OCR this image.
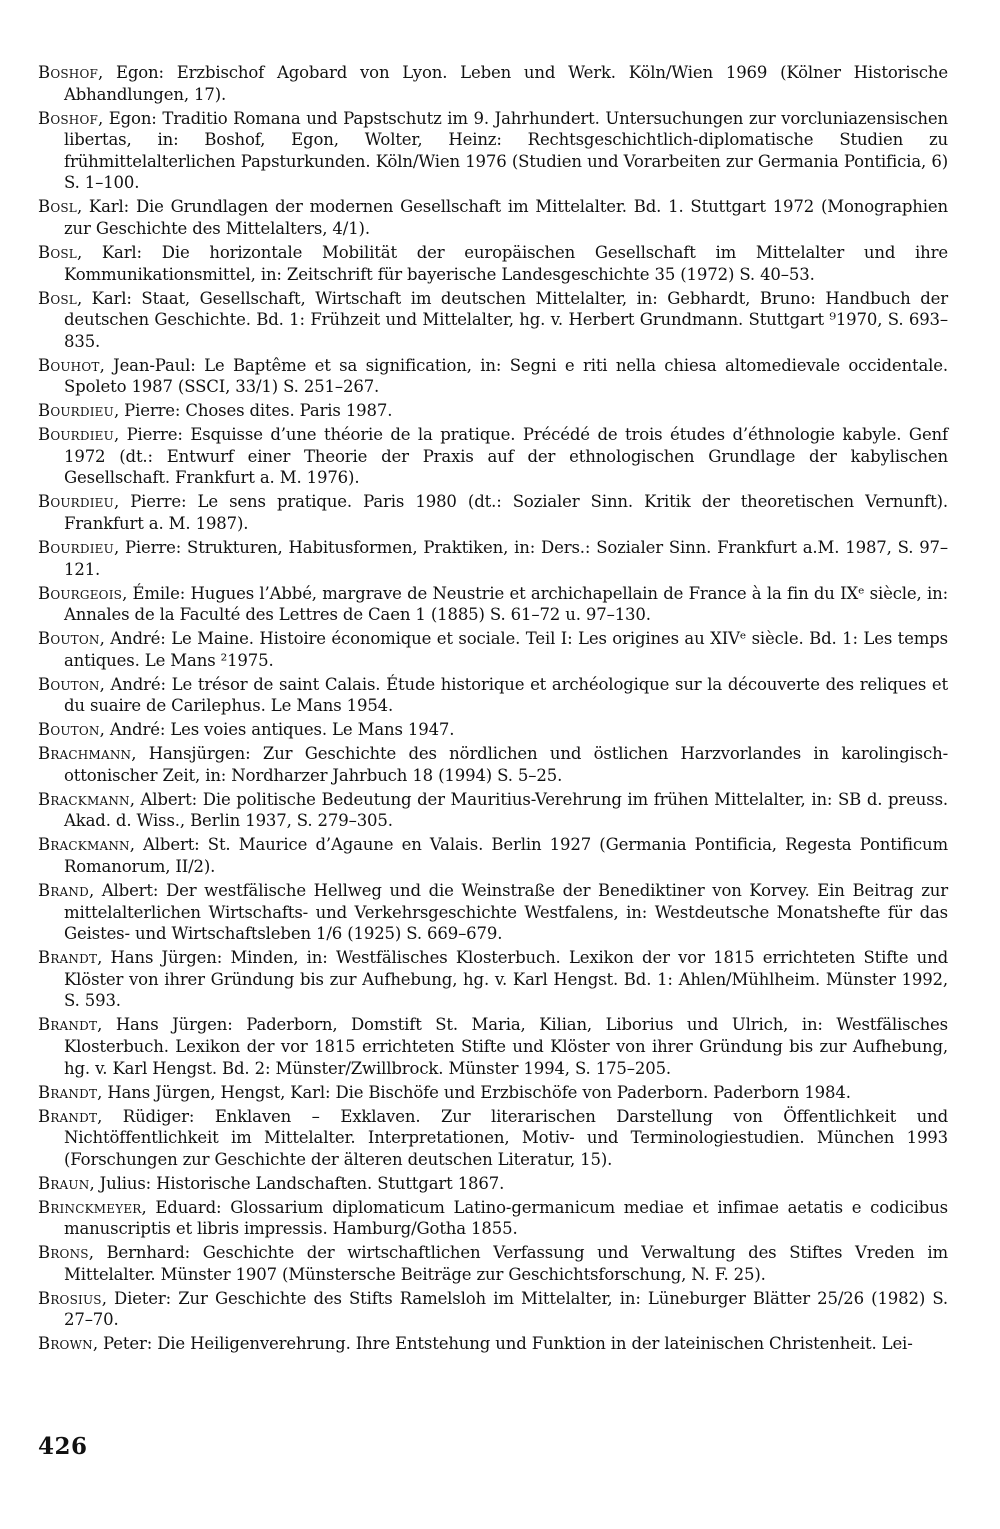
Boshof, Egon: Erzbischof Agobard von Lyon. Leben und Werk. Köln/Wien 1969 (Kölner Historische Abhandlungen, 17).

Boshof, Egon: Traditio Romana und Papstschutz im 9. Jahrhundert. Untersuchungen zur vorcluniazensischen libertas, in: Boshof, Egon, Wolter, Heinz: Rechtsgeschichtlich-diplomatische Studien zu frühmittelalterlichen Papsturkunden. Köln/Wien 1976 (Studien und Vorarbeiten zur Germania Pontificia, 6) S. 1–100.

Bosl, Karl: Die Grundlagen der modernen Gesellschaft im Mittelalter. Bd. 1. Stuttgart 1972 (Monographien zur Geschichte des Mittelalters, 4/1).

Bosl, Karl: Die horizontale Mobilität der europäischen Gesellschaft im Mittelalter und ihre Kommunikationsmittel, in: Zeitschrift für bayerische Landesgeschichte 35 (1972) S. 40–53.

Bosl, Karl: Staat, Gesellschaft, Wirtschaft im deutschen Mittelalter, in: Gebhardt, Bruno: Handbuch der deutschen Geschichte. Bd. 1: Frühzeit und Mittelalter, hg. v. Herbert Grundmann. Stuttgart ⁹1970, S. 693–835.

Bouhot, Jean-Paul: Le Baptême et sa signification, in: Segni e riti nella chiesa altomedievale occidentale. Spoleto 1987 (SSCI, 33/1) S. 251–267.

Bourdieu, Pierre: Choses dites. Paris 1987.

Bourdieu, Pierre: Esquisse d’une théorie de la pratique. Précédé de trois études d’éthnologie kabyle. Genf 1972 (dt.: Entwurf einer Theorie der Praxis auf der ethnologischen Grundlage der kabylischen Gesellschaft. Frankfurt a. M. 1976).

Bourdieu, Pierre: Le sens pratique. Paris 1980 (dt.: Sozialer Sinn. Kritik der theoretischen Vernunft). Frankfurt a. M. 1987).

Bourdieu, Pierre: Strukturen, Habitusformen, Praktiken, in: Ders.: Sozialer Sinn. Frankfurt a.M. 1987, S. 97–121.

Bourgeois, Émile: Hugues l’Abbé, margrave de Neustrie et archichapellain de France à la fin du IXᵉ siècle, in: Annales de la Faculté des Lettres de Caen 1 (1885) S. 61–72 u. 97–130.

Bouton, André: Le Maine. Histoire économique et sociale. Teil I: Les origines au XIVᵉ siècle. Bd. 1: Les temps antiques. Le Mans ²1975.

Bouton, André: Le trésor de saint Calais. Étude historique et archéologique sur la découverte des reliques et du suaire de Carilephus. Le Mans 1954.

Bouton, André: Les voies antiques. Le Mans 1947.

Brachmann, Hansjürgen: Zur Geschichte des nördlichen und östlichen Harzvorlandes in karolingisch-ottonischer Zeit, in: Nordharzer Jahrbuch 18 (1994) S. 5–25.

Brackmann, Albert: Die politische Bedeutung der Mauritius-Verehrung im frühen Mittelalter, in: SB d. preuss. Akad. d. Wiss., Berlin 1937, S. 279–305.

Brackmann, Albert: St. Maurice d’Agaune en Valais. Berlin 1927 (Germania Pontificia, Regesta Pontificum Romanorum, II/2).

Brand, Albert: Der westfälische Hellweg und die Weinstraße der Benediktiner von Korvey. Ein Beitrag zur mittelalterlichen Wirtschafts- und Verkehrsgeschichte Westfalens, in: Westdeutsche Monatshefte für das Geistes- und Wirtschaftsleben 1/6 (1925) S. 669–679.

Brandt, Hans Jürgen: Minden, in: Westfälisches Klosterbuch. Lexikon der vor 1815 errichteten Stifte und Klöster von ihrer Gründung bis zur Aufhebung, hg. v. Karl Hengst. Bd. 1: Ahlen/Mühlheim. Münster 1992, S. 593.

Brandt, Hans Jürgen: Paderborn, Domstift St. Maria, Kilian, Liborius und Ulrich, in: Westfälisches Klosterbuch. Lexikon der vor 1815 errichteten Stifte und Klöster von ihrer Gründung bis zur Aufhebung, hg. v. Karl Hengst. Bd. 2: Münster/Zwillbrock. Münster 1994, S. 175–205.

Brandt, Hans Jürgen, Hengst, Karl: Die Bischöfe und Erzbischöfe von Paderborn. Paderborn 1984.

Brandt, Rüdiger: Enklaven – Exklaven. Zur literarischen Darstellung von Öffentlichkeit und Nichtöffentlichkeit im Mittelalter. Interpretationen, Motiv- und Terminologiestudien. München 1993 (Forschungen zur Geschichte der älteren deutschen Literatur, 15).

Braun, Julius: Historische Landschaften. Stuttgart 1867.

Brinckmeyer, Eduard: Glossarium diplomaticum Latino-germanicum mediae et infimae aetatis e codicibus manuscriptis et libris impressis. Hamburg/Gotha 1855.

Brons, Bernhard: Geschichte der wirtschaftlichen Verfassung und Verwaltung des Stiftes Vreden im Mittelalter. Münster 1907 (Münstersche Beiträge zur Geschichtsforschung, N. F. 25).

Brosius, Dieter: Zur Geschichte des Stifts Ramelsloh im Mittelalter, in: Lüneburger Blätter 25/26 (1982) S. 27–70.

Brown, Peter: Die Heiligenverehrung. Ihre Entstehung und Funktion in der lateinischen Christenheit. Lei-

426
